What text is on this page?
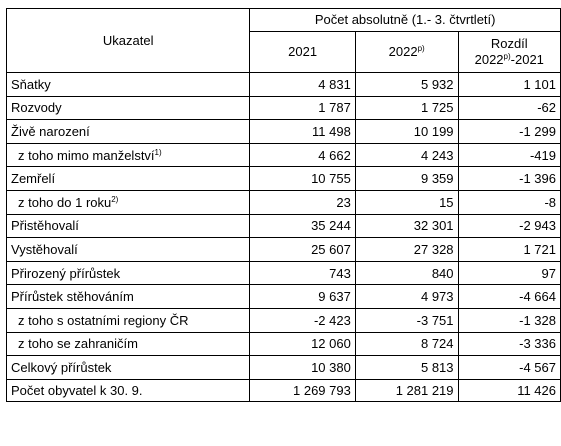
Ukazatel	Počet absolutně (1.- 3. čtvrtletí)		
	2021	2022$^{p)}$	Rozdíl
2022$^{p)}$-2021
Sňatky	4 831	5 932	1 101
Rozvody	1 787	1 725	-62
Živě narození	11 498	10 199	-1 299
z toho mimo manželství$^{1)}$	4 662	4 243	-419
Zemřelí	10 755	9 359	-1 396
z toho do 1 roku$^{2)}$	23	15	-8
Přistěhovalí	35 244	32 301	-2 943
Vystěhovalí	25 607	27 328	1 721
Přirozený přírůstek	743	840	97
Přírůstek stěhováním	9 637	4 973	-4 664
z toho s ostatními regiony ČR	-2 423	-3 751	-1 328
z toho se zahraničím	12 060	8 724	-3 336
Celkový přírůstek	10 380	5 813	-4 567
Počet obyvatel k 30. 9.	1 269 793	1 281 219	11 426
